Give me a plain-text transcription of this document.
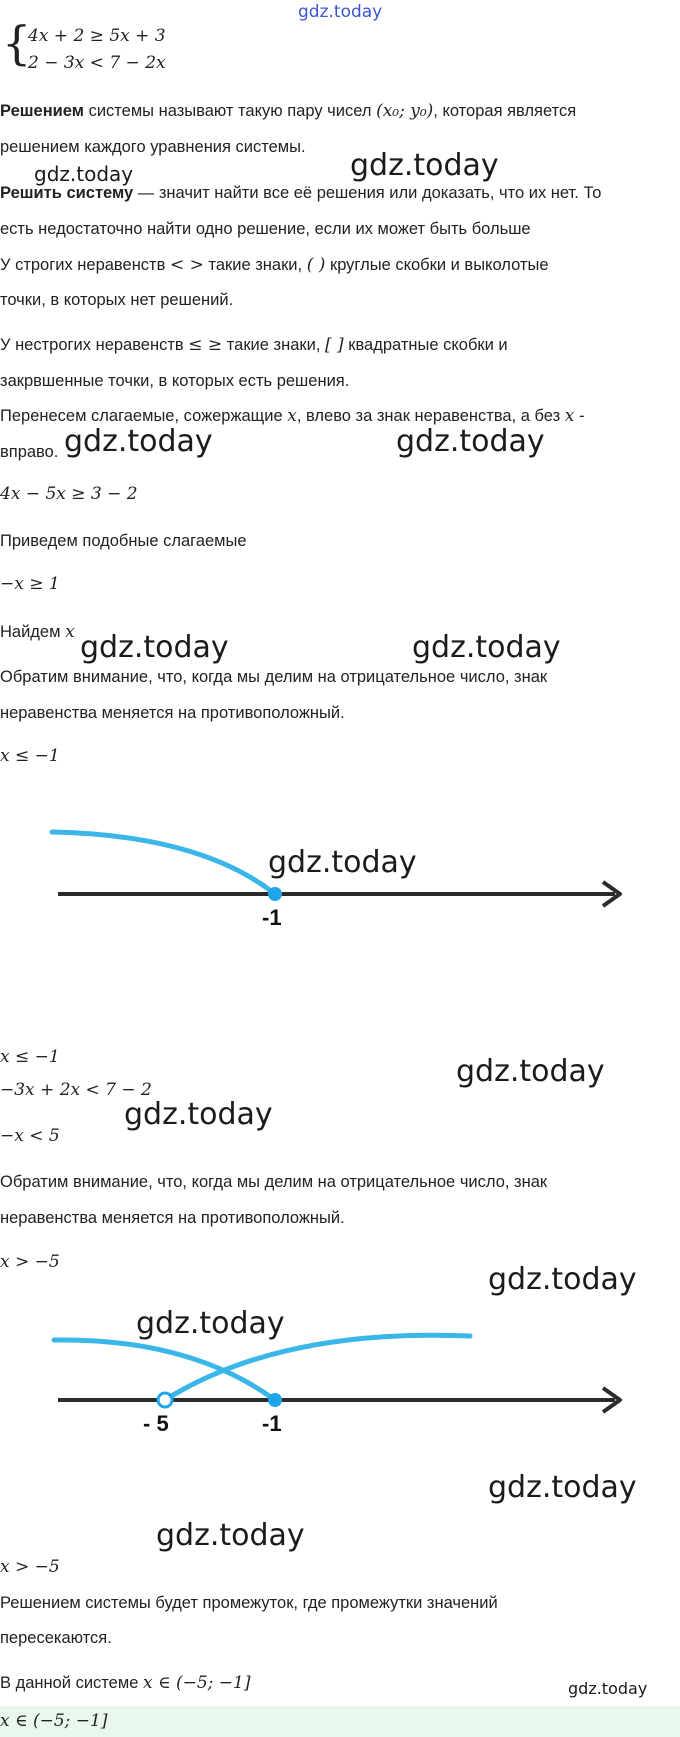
gdz.today
{
4x + 2 ≥ 5x + 3
2 − 3x < 7 − 2x
Решением системы называют такую пару чисел (x₀; y₀), которая является
решением каждого уравнения системы.
gdz.today	gdz.today
Решить систему — значит найти все её решения или доказать, что их нет. То
есть недостаточно найти одно решение, если их может быть больше
У строгих неравенств < > такие знаки, ( ) круглые скобки и выколотые
точки, в которых нет решений.
У нестрогих неравенств ≤ ≥ такие знаки, [ ] квадратные скобки и
закрвшенные точки, в которых есть решения.
Перенесем слагаемые, сожержащие x, влево за знак неравенства, а без x -
вправо. gdz.today	gdz.today
4x − 5x ≥ 3 − 2
Приведем подобные слагаемые
−x ≥ 1
Найдем x gdz.today	gdz.today
Обратим внимание, что, когда мы делим на отрицательное число, знак
неравенства меняется на противоположный.
x ≤ −1
-1
gdz.today
x ≤ −1
−3x + 2x < 7 − 2
−x < 5
gdz.today
gdz.today
Обратим внимание, что, когда мы делим на отрицательное число, знак
неравенства меняется на противоположный.
x > −5	gdz.today
- 5	-1
gdz.today
gdz.today
gdz.today
x > −5
Решением системы будет промежуток, где промежутки значений
пересекаются.
В данной системе x ∈ (−5; −1]	gdz.today
x ∈ (−5; −1]
